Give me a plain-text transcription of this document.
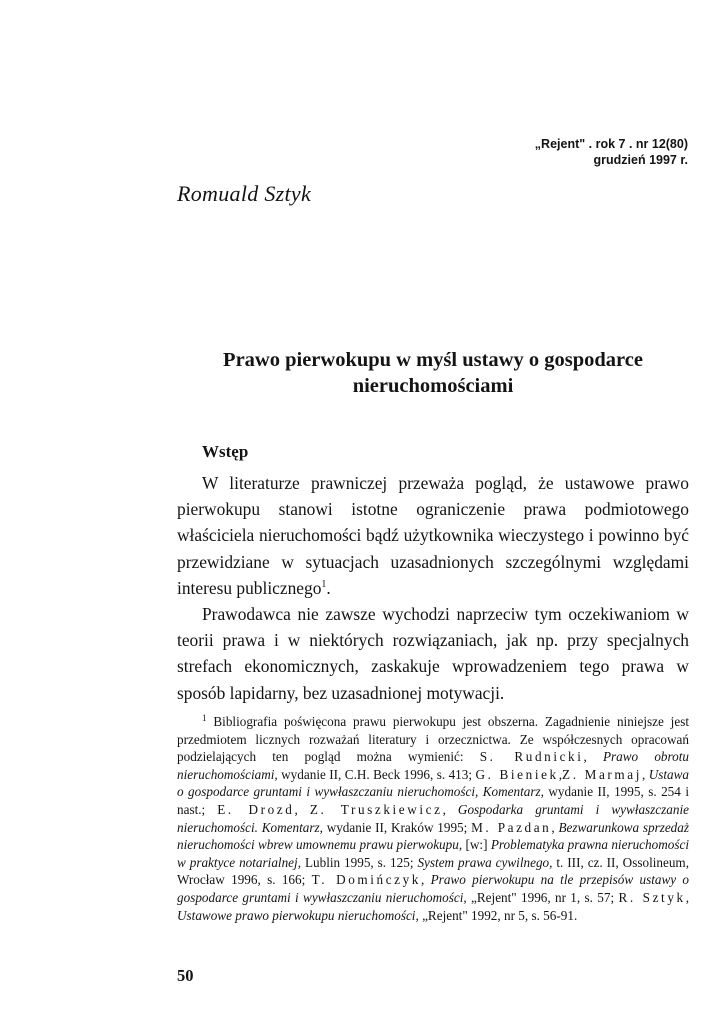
„Rejent" . rok 7 . nr 12(80)
grudzień 1997 r.
Romuald Sztyk
Prawo pierwokupu w myśl ustawy o gospodarce
nieruchomościami
Wstęp

W literaturze prawniczej przeważa pogląd, że ustawowe prawo pierwokupu stanowi istotne ograniczenie prawa podmiotowego właściciela nieruchomości bądź użytkownika wieczystego i powinno być przewidziane w sytuacjach uzasadnionych szczególnymi względami interesu publicznego$^1$.

Prawodawca nie zawsze wychodzi naprzeciw tym oczekiwaniom w teorii prawa i w niektórych rozwiązaniach, jak np. przy specjalnych strefach ekonomicznych, zaskakuje wprowadzeniem tego prawa w sposób lapidarny, bez uzasadnionej motywacji.

$^1$ Bibliografia poświęcona prawu pierwokupu jest obszerna. Zagadnienie niniejsze jest przedmiotem licznych rozważań literatury i orzecznictwa. Ze współczesnych opracowań podzielających ten pogląd można wymienić: S. Rudnicki, Prawo obrotu nieruchomościami, wydanie II, C.H. Beck 1996, s. 413; G. Bieniek,Z. Marmaj, Ustawa o gospodarce gruntami i wywłaszczaniu nieruchomości, Komentarz, wydanie II, 1995, s. 254 i nast.; E. Drozd, Z. Truszkiewicz, Gospodarka gruntami i wywłaszczanie nieruchomości. Komentarz, wydanie II, Kraków 1995; M. Pazdan, Bezwarunkowa sprzedaż nieruchomości wbrew umownemu prawu pierwokupu, [w:] Problematyka prawna nieruchomości w praktyce notarialnej, Lublin 1995, s. 125; System prawa cywilnego, t. III, cz. II, Ossolineum, Wrocław 1996, s. 166; T. Domińczyk, Prawo pierwokupu na tle przepisów ustawy o gospodarce gruntami i wywłaszczaniu nieruchomości, „Rejent" 1996, nr 1, s. 57; R. Sztyk, Ustawowe prawo pierwokupu nieruchomości, „Rejent" 1992, nr 5, s. 56-91.
50
